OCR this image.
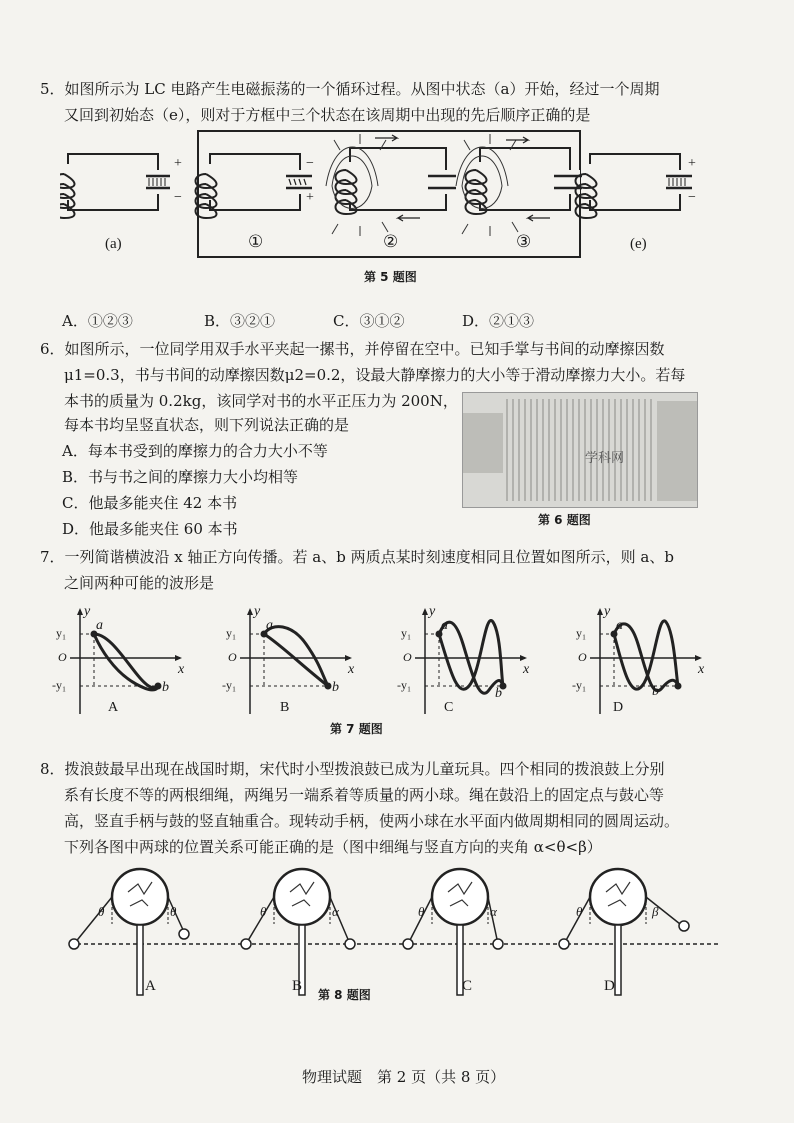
5．如图所示为 LC 电路产生电磁振荡的一个循环过程。从图中状态（a）开始，经过一个周期
又回到初始态（e），则对于方框中三个状态在该周期中出现的先后顺序正确的是
+
−
−
+
+
−
(a)	①	②	③	(e)
第 5 题图
A．①②③	B．③②①	C．③①②	D．②①③
6．如图所示，一位同学用双手水平夹起一摞书，并停留在空中。已知手掌与书间的动摩擦因数
μ1=0.3，书与书间的动摩擦因数μ2=0.2，设最大静摩擦力的大小等于滑动摩擦力大小。若每
本书的质量为 0.2kg，该同学对书的水平正压力为 200N，
每本书均呈竖直状态，则下列说法正确的是
A．每本书受到的摩擦力的合力大小不等
B．书与书之间的摩擦力大小均相等
C．他最多能夹住 42 本书
D．他最多能夹住 60 本书
学科网
第 6 题图
7．一列简谐横波沿 x 轴正方向传播。若 a、b 两质点某时刻速度相同且位置如图所示，则 a、b
之间两种可能的波形是
y
y₁
O
-y₁
x
a
b
A
y
y₁
O
-y₁
x
a
b
B
y
y₁
O
-y₁
x
a
b
C
y
y₁
O
-y₁
x
a
b
D
第 7 题图
8．拨浪鼓最早出现在战国时期，宋代时小型拨浪鼓已成为儿童玩具。四个相同的拨浪鼓上分别
系有长度不等的两根细绳，两绳另一端系着等质量的两小球。绳在鼓沿上的固定点与鼓心等
高，竖直手柄与鼓的竖直轴重合。现转动手柄，使两小球在水平面内做周期相同的圆周运动。
下列各图中两球的位置关系可能正确的是（图中细绳与竖直方向的夹角 α<θ<β）
θ	θ
A
θ	α
B
θ	α
C
θ	β
D
第 8 题图
物理试题　第 2 页（共 8 页）
